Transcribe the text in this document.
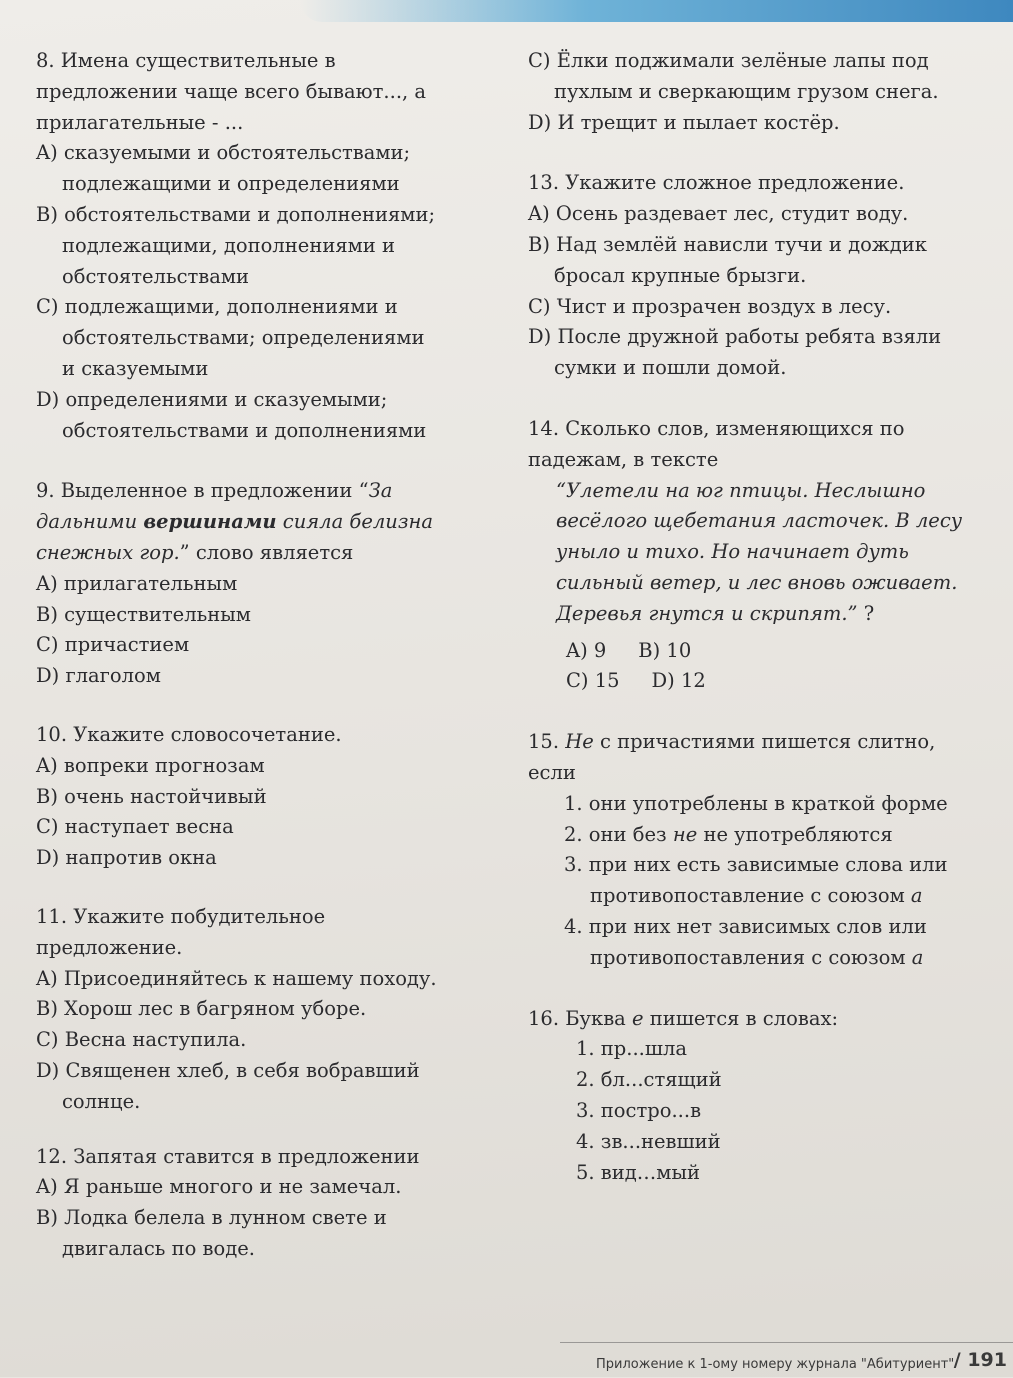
8. Имена существительные в предложении чаще всего бывают..., а прилагательные - ...
A) сказуемыми и обстоятельствами;
подлежащими и определениями
B) обстоятельствами и дополнениями;
подлежащими, дополнениями и
обстоятельствами
C) подлежащими, дополнениями и
обстоятельствами; определениями
и сказуемыми
D) определениями и сказуемыми;
обстоятельствами и дополнениями
9. Выделенное в предложении “За дальними вершинами сияла белизна снежных гор.” слово является
A) прилагательным
B) существительным
C) причастием
D) глаголом
10. Укажите словосочетание.
A) вопреки прогнозам
B) очень настойчивый
C) наступает весна
D) напротив окна
11. Укажите побудительное предложение.
A) Присоединяйтесь к нашему походу.
B) Хорош лес в багряном уборе.
C) Весна наступила.
D) Священен хлеб, в себя вобравший солнце.
12. Запятая ставится в предложении
A) Я раньше многого и не замечал.
B) Лодка белела в лунном свете и двигалась по воде.
C) Ёлки поджимали зелёные лапы под пухлым и сверкающим грузом снега.
D) И трещит и пылает костёр.
13. Укажите сложное предложение.
A) Осень раздевает лес, студит воду.
B) Над землёй нависли тучи и дождик бросал крупные брызги.
C) Чист и прозрачен воздух в лесу.
D) После дружной работы ребята взяли сумки и пошли домой.
14. Сколько слов, изменяющихся по падежам, в тексте
“Улетели на юг птицы. Неслышно весёлого щебетания ласточек. В лесу уныло и тихо. Но начинает дуть сильный ветер, и лес вновь оживает. Деревья гнутся и скрипят.” ?
A) 9 B) 10
C) 15 D) 12
15. Не с причастиями пишется слитно, если
1. они употреблены в краткой форме
2. они без не не употребляются
3. при них есть зависимые слова или противопоставление с союзом а
4. при них нет зависимых слов или противопоставления с союзом а
16. Буква е пишется в словах:
1. пр...шла
2. бл...стящий
3. постро...в
4. зв...невший
5. вид…мый
Приложение к 1-ому номеру журнала "Абитуриент" / 191
